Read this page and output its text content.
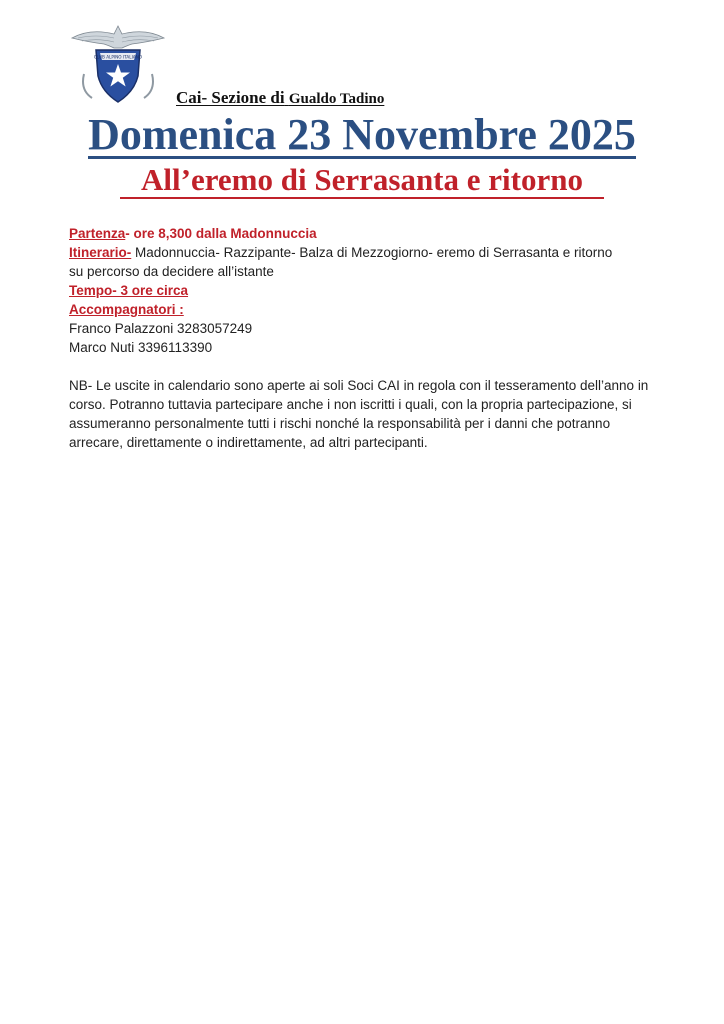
CLUB ALPINO ITALIANO
Cai- Sezione di Gualdo Tadino
Domenica 23 Novembre 2025
All’eremo di Serrasanta e ritorno
Partenza- ore 8,300 dalla Madonnuccia
Itinerario- Madonnuccia- Razzipante- Balza di Mezzogiorno- eremo di Serrasanta e ritorno
su percorso da decidere all’istante
Tempo- 3 ore circa
Accompagnatori :
Franco Palazzoni 3283057249
Marco Nuti 3396113390
NB- Le uscite in calendario sono aperte ai soli Soci CAI in regola con il tesseramento dell’anno in corso. Potranno tuttavia partecipare anche i non iscritti i quali, con la propria partecipazione, si assumeranno personalmente tutti i rischi nonché la responsabilità per i danni che potranno arrecare, direttamente o indirettamente, ad altri partecipanti.
